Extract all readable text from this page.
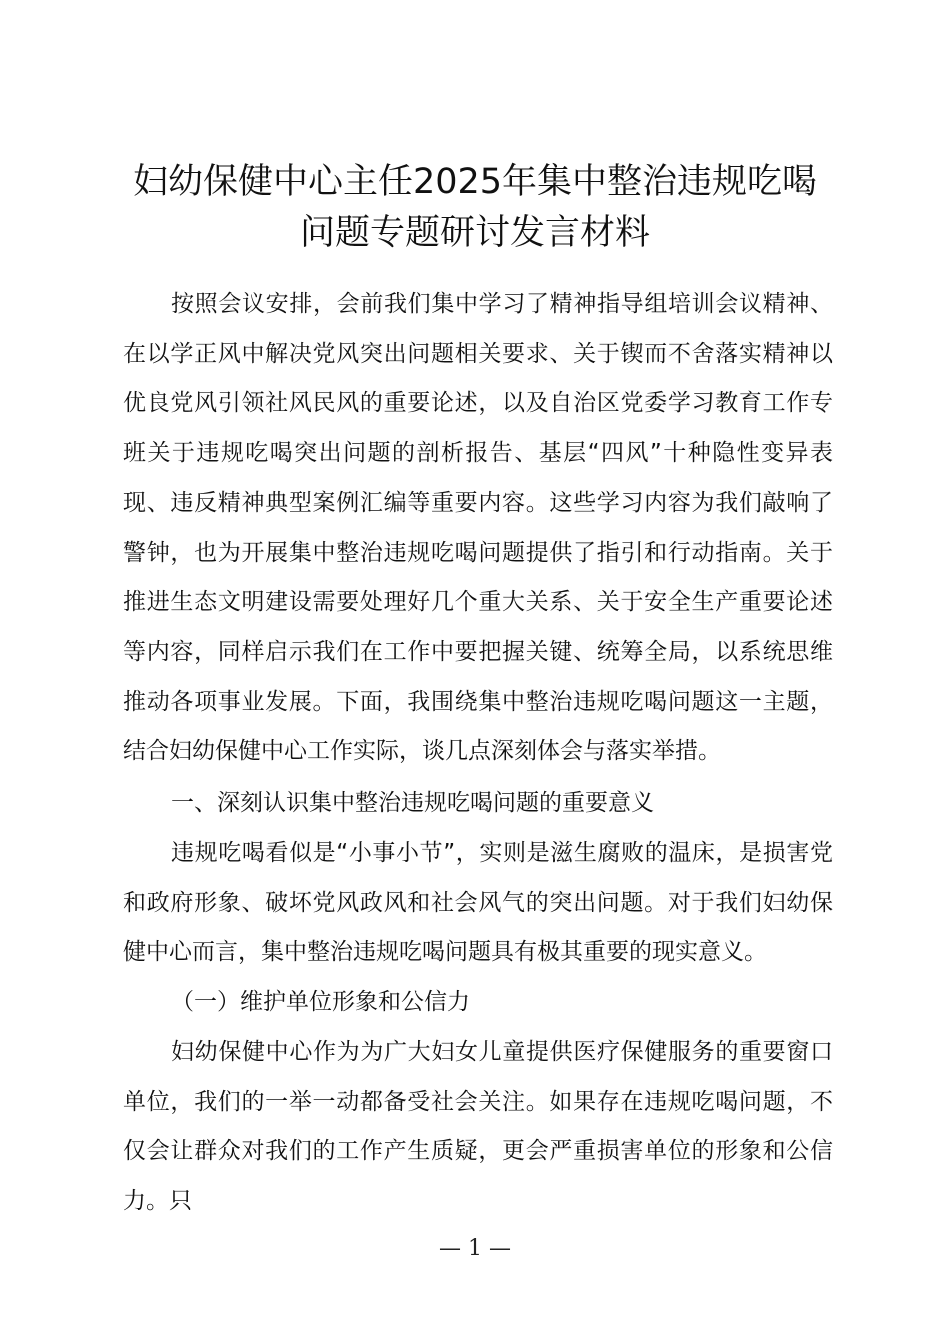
妇幼保健中心主任2025年集中整治违规吃喝
问题专题研讨发言材料

按照会议安排，会前我们集中学习了精神指导组培训会议精神、在以学正风中解决党风突出问题相关要求、关于锲而不舍落实精神以优良党风引领社风民风的重要论述，以及自治区党委学习教育工作专班关于违规吃喝突出问题的剖析报告、基层“四风”十种隐性变异表现、违反精神典型案例汇编等重要内容。这些学习内容为我们敲响了警钟，也为开展集中整治违规吃喝问题提供了指引和行动指南。关于推进生态文明建设需要处理好几个重大关系、关于安全生产重要论述等内容，同样启示我们在工作中要把握关键、统筹全局，以系统思维推动各项事业发展。下面，我围绕集中整治违规吃喝问题这一主题，结合妇幼保健中心工作实际，谈几点深刻体会与落实举措。

一、深刻认识集中整治违规吃喝问题的重要意义

违规吃喝看似是“小事小节”，实则是滋生腐败的温床，是损害党和政府形象、破坏党风政风和社会风气的突出问题。对于我们妇幼保健中心而言，集中整治违规吃喝问题具有极其重要的现实意义。

（一）维护单位形象和公信力

妇幼保健中心作为为广大妇女儿童提供医疗保健服务的重要窗口单位，我们的一举一动都备受社会关注。如果存在违规吃喝问题，不仅会让群众对我们的工作产生质疑，更会严重损害单位的形象和公信力。只

— 1 —
